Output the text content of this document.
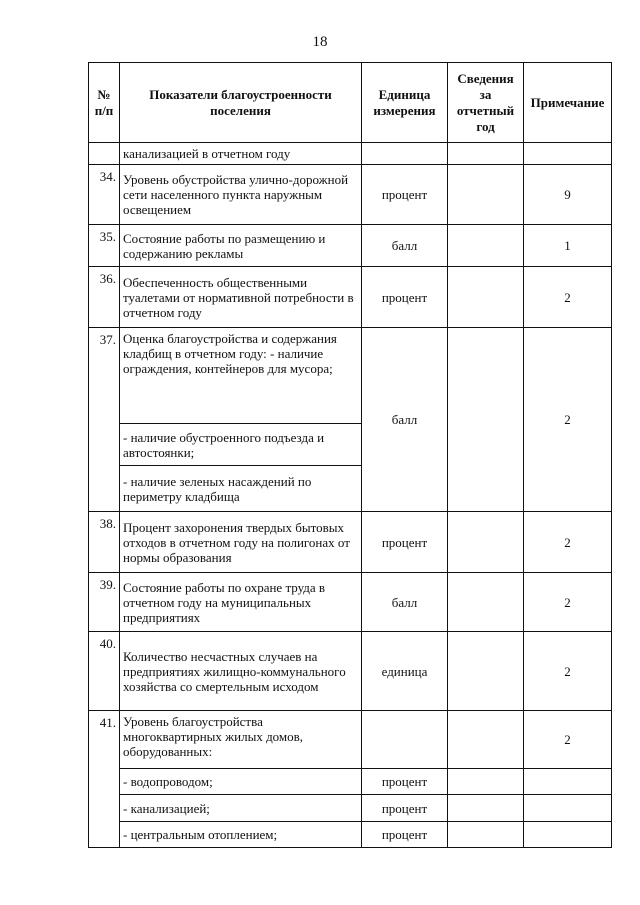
18
№ п/п	Показатели благоустроенности поселения	Единица измерения	Сведения за отчетный год	Примечание
	канализацией в отчетном году			
34.	Уровень обустройства улично-дорожной сети населенного пункта наружным освещением	процент		9
35.	Состояние работы по размещению и содержанию рекламы	балл		1
36.	Обеспеченность общественными туалетами от нормативной потребности в отчетном году	процент		2
37.	Оценка благоустройства и содержания кладбищ в отчетном году: - наличие ограждения, контейнеров для мусора;	балл		2
	- наличие обустроенного подъезда и автостоянки;			
	- наличие зеленых насаждений по периметру кладбища			
38.	Процент захоронения твердых бытовых отходов в отчетном году на полигонах от нормы образования	процент		2
39.	Состояние работы по охране труда в отчетном году на муниципальных предприятиях	балл		2
40.	Количество несчастных случаев на предприятиях жилищно-коммунального хозяйства со смертельным исходом	единица		2
41.	Уровень благоустройства многоквартирных жилых домов, оборудованных:			2
	- водопроводом;	процент		
	- канализацией;	процент		
	- центральным отоплением;	процент		
